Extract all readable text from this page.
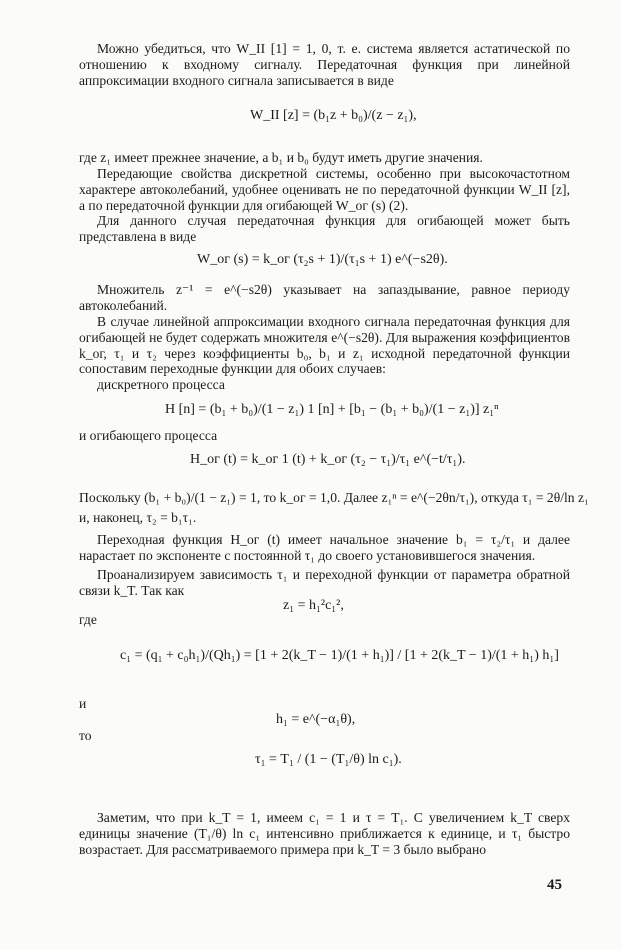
Можно убедиться, что W_II [1] = 1, 0, т. е. система является астатической по отношению к входному сигналу. Передаточная функция при линейной аппроксимации входного сигнала записывается в виде

W_II [z] = (b₁z + b₀)/(z − z₁),

где z₁ имеет прежнее значение, а b₁ и b₀ будут иметь другие значения.

Передающие свойства дискретной системы, особенно при высокочастотном характере автоколебаний, удобнее оценивать не по передаточной функции W_II [z], а по передаточной функции для огибающей W_oг (s) (2).

Для данного случая передаточная функция для огибающей может быть представлена в виде

W_oг (s) = k_oг (τ₂s + 1)/(τ₁s + 1) e^(−s2θ).

Множитель z⁻¹ = e^(−s2θ) указывает на запаздывание, равное периоду автоколебаний.

В случае линейной аппроксимации входного сигнала передаточная функция для огибающей не будет содержать множителя e^(−s2θ). Для выражения коэффициентов k_oг, τ₁ и τ₂ через коэффициенты b₀, b₁ и z₁ исходной передаточной функции сопоставим переходные функции для обоих случаев:

дискретного процесса

H [n] = (b₁ + b₀)/(1 − z₁) 1 [n] + [b₁ − (b₁ + b₀)/(1 − z₁)] z₁ⁿ

и огибающего процесса

H_oг (t) = k_oг 1 (t) + k_oг (τ₂ − τ₁)/τ₁ e^(−t/τ₁).
Поскольку (b₁ + b₀)/(1 − z₁) = 1, то k_oг = 1,0. Далее z₁ⁿ = e^(−2θn/τ₁), откуда τ₁ = 2θ/ln z₁

и, наконец, τ₂ = b₁τ₁.

Переходная функция H_oг (t) имеет начальное значение b₁ = τ₂/τ₁ и далее нарастает по экспоненте с постоянной τ₁ до своего установившегося значения.

Проанализируем зависимость τ₁ и переходной функции от параметра обратной связи k_T. Так как

z₁ = h₁²c₁²,

где

c₁ = (q₁ + c₀h₁)/(Qh₁) = [1 + 2(k_T − 1)/(1 + h₁)] / [1 + 2(k_T − 1)/(1 + h₁) h₁]

и

h₁ = e^(−α₁θ),

то

τ₁ = T₁ / (1 − (T₁/θ) ln c₁).

Заметим, что при k_T = 1, имеем c₁ = 1 и τ = T₁. С увеличением k_T сверх единицы значение (T₁/θ) ln c₁ интенсивно приближается к единице, и τ₁ быстро возрастает. Для рассматриваемого примера при k_T = 3 было выбрано

45
